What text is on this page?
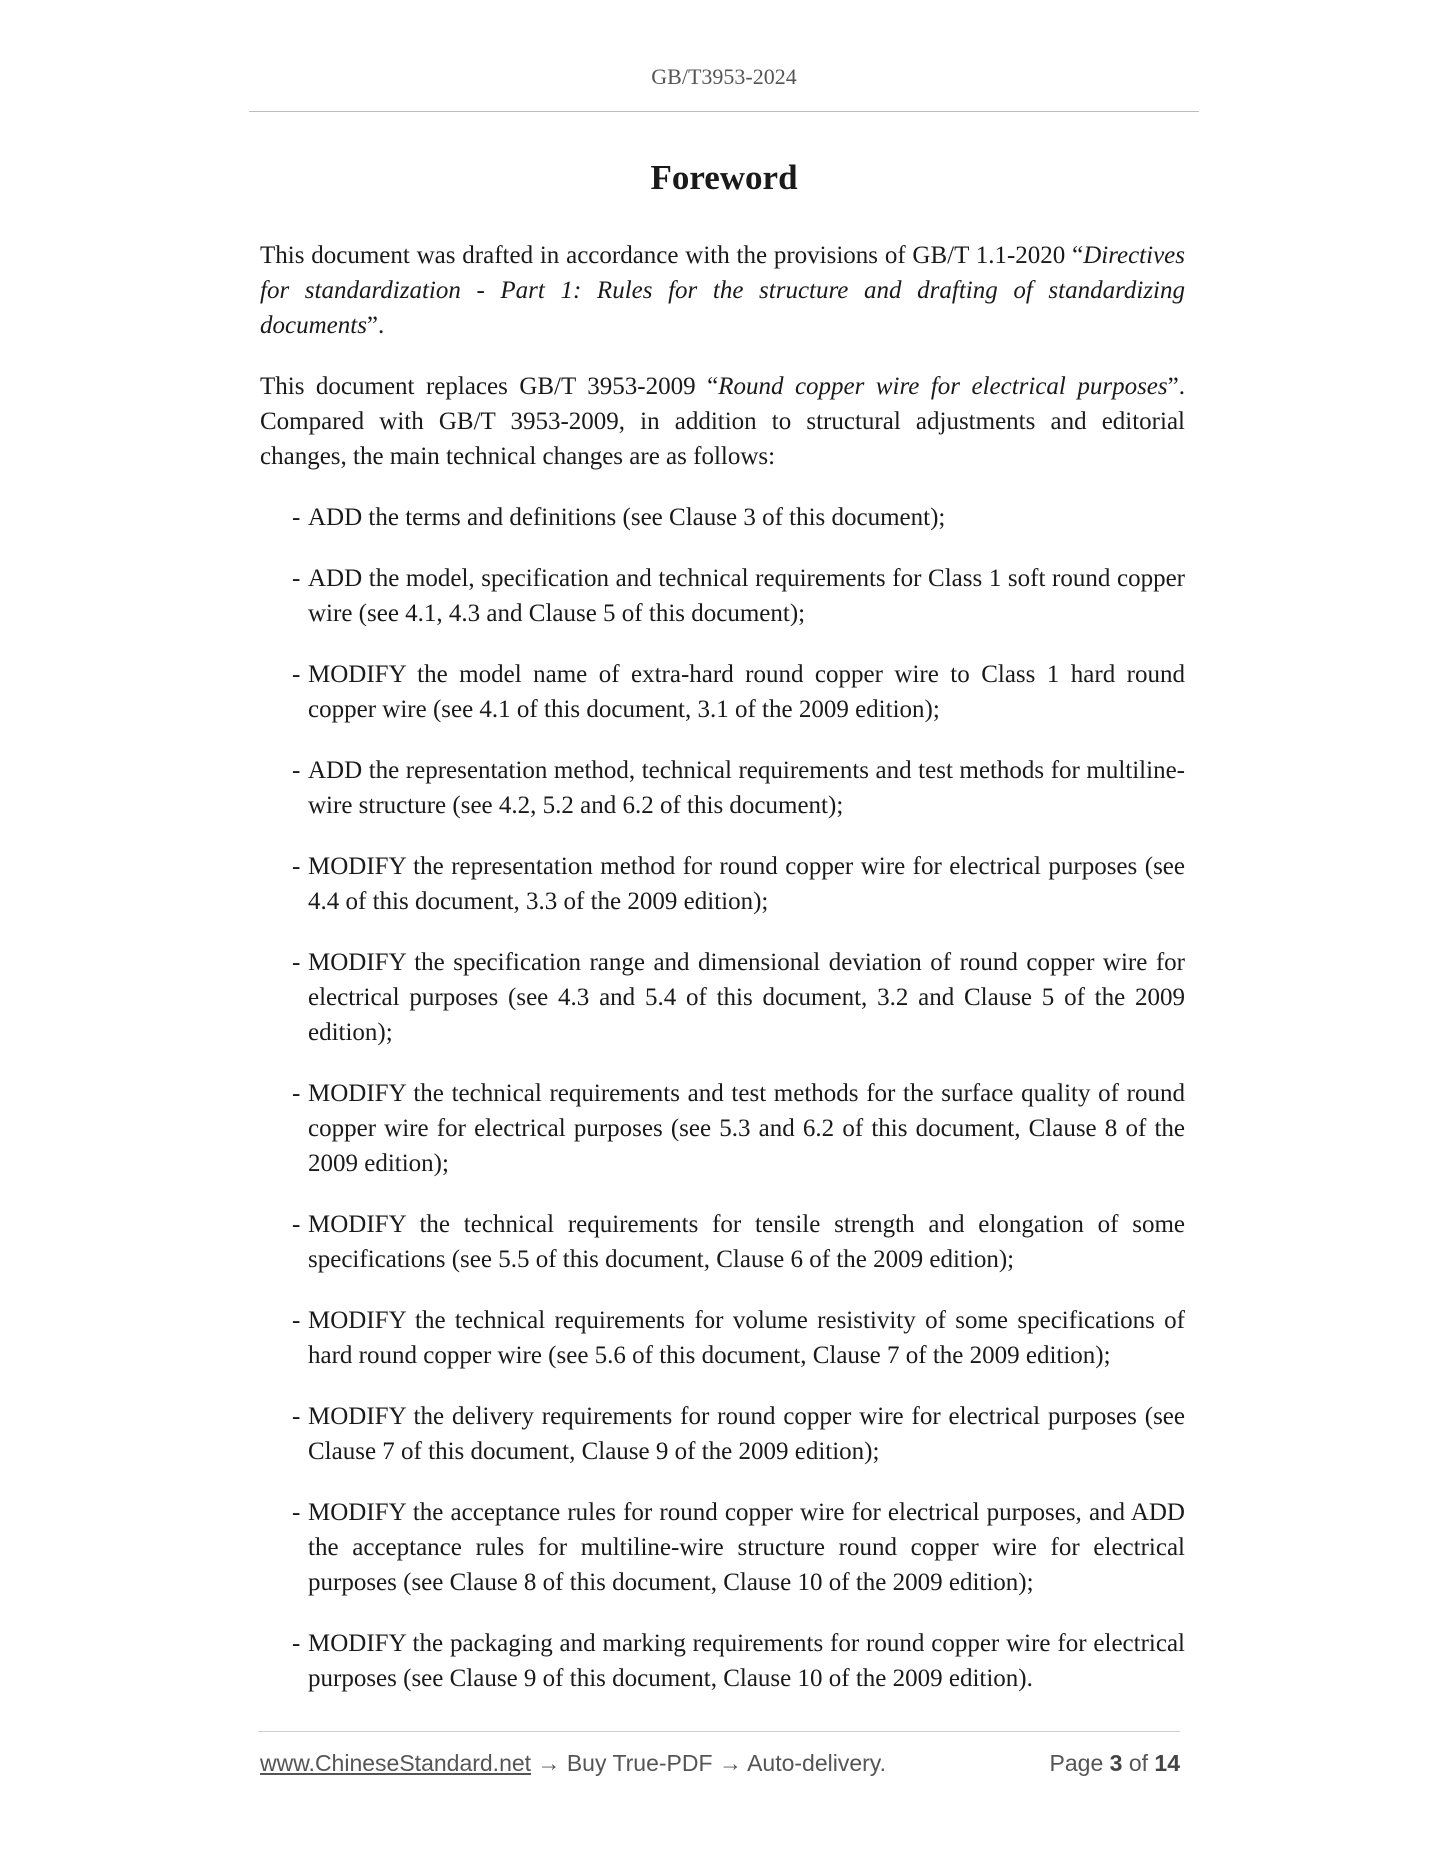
GB/T3953-2024
Foreword

This document was drafted in accordance with the provisions of GB/T 1.1-2020 “Directives for standardization - Part 1: Rules for the structure and drafting of standardizing documents”.

This document replaces GB/T 3953-2009 “Round copper wire for electrical purposes”. Compared with GB/T 3953-2009, in addition to structural adjustments and editorial changes, the main technical changes are as follows:

- ADD the terms and definitions (see Clause 3 of this document);
- ADD the model, specification and technical requirements for Class 1 soft round copper wire (see 4.1, 4.3 and Clause 5 of this document);
- MODIFY the model name of extra-hard round copper wire to Class 1 hard round copper wire (see 4.1 of this document, 3.1 of the 2009 edition);
- ADD the representation method, technical requirements and test methods for multiline-wire structure (see 4.2, 5.2 and 6.2 of this document);
- MODIFY the representation method for round copper wire for electrical purposes (see 4.4 of this document, 3.3 of the 2009 edition);
- MODIFY the specification range and dimensional deviation of round copper wire for electrical purposes (see 4.3 and 5.4 of this document, 3.2 and Clause 5 of the 2009 edition);
- MODIFY the technical requirements and test methods for the surface quality of round copper wire for electrical purposes (see 5.3 and 6.2 of this document, Clause 8 of the 2009 edition);
- MODIFY the technical requirements for tensile strength and elongation of some specifications (see 5.5 of this document, Clause 6 of the 2009 edition);
- MODIFY the technical requirements for volume resistivity of some specifications of hard round copper wire (see 5.6 of this document, Clause 7 of the 2009 edition);
- MODIFY the delivery requirements for round copper wire for electrical purposes (see Clause 7 of this document, Clause 9 of the 2009 edition);
- MODIFY the acceptance rules for round copper wire for electrical purposes, and ADD the acceptance rules for multiline-wire structure round copper wire for electrical purposes (see Clause 8 of this document, Clause 10 of the 2009 edition);
- MODIFY the packaging and marking requirements for round copper wire for electrical purposes (see Clause 9 of this document, Clause 10 of the 2009 edition).
www.ChineseStandard.net → Buy True-PDF → Auto-delivery.	Page 3 of 14
